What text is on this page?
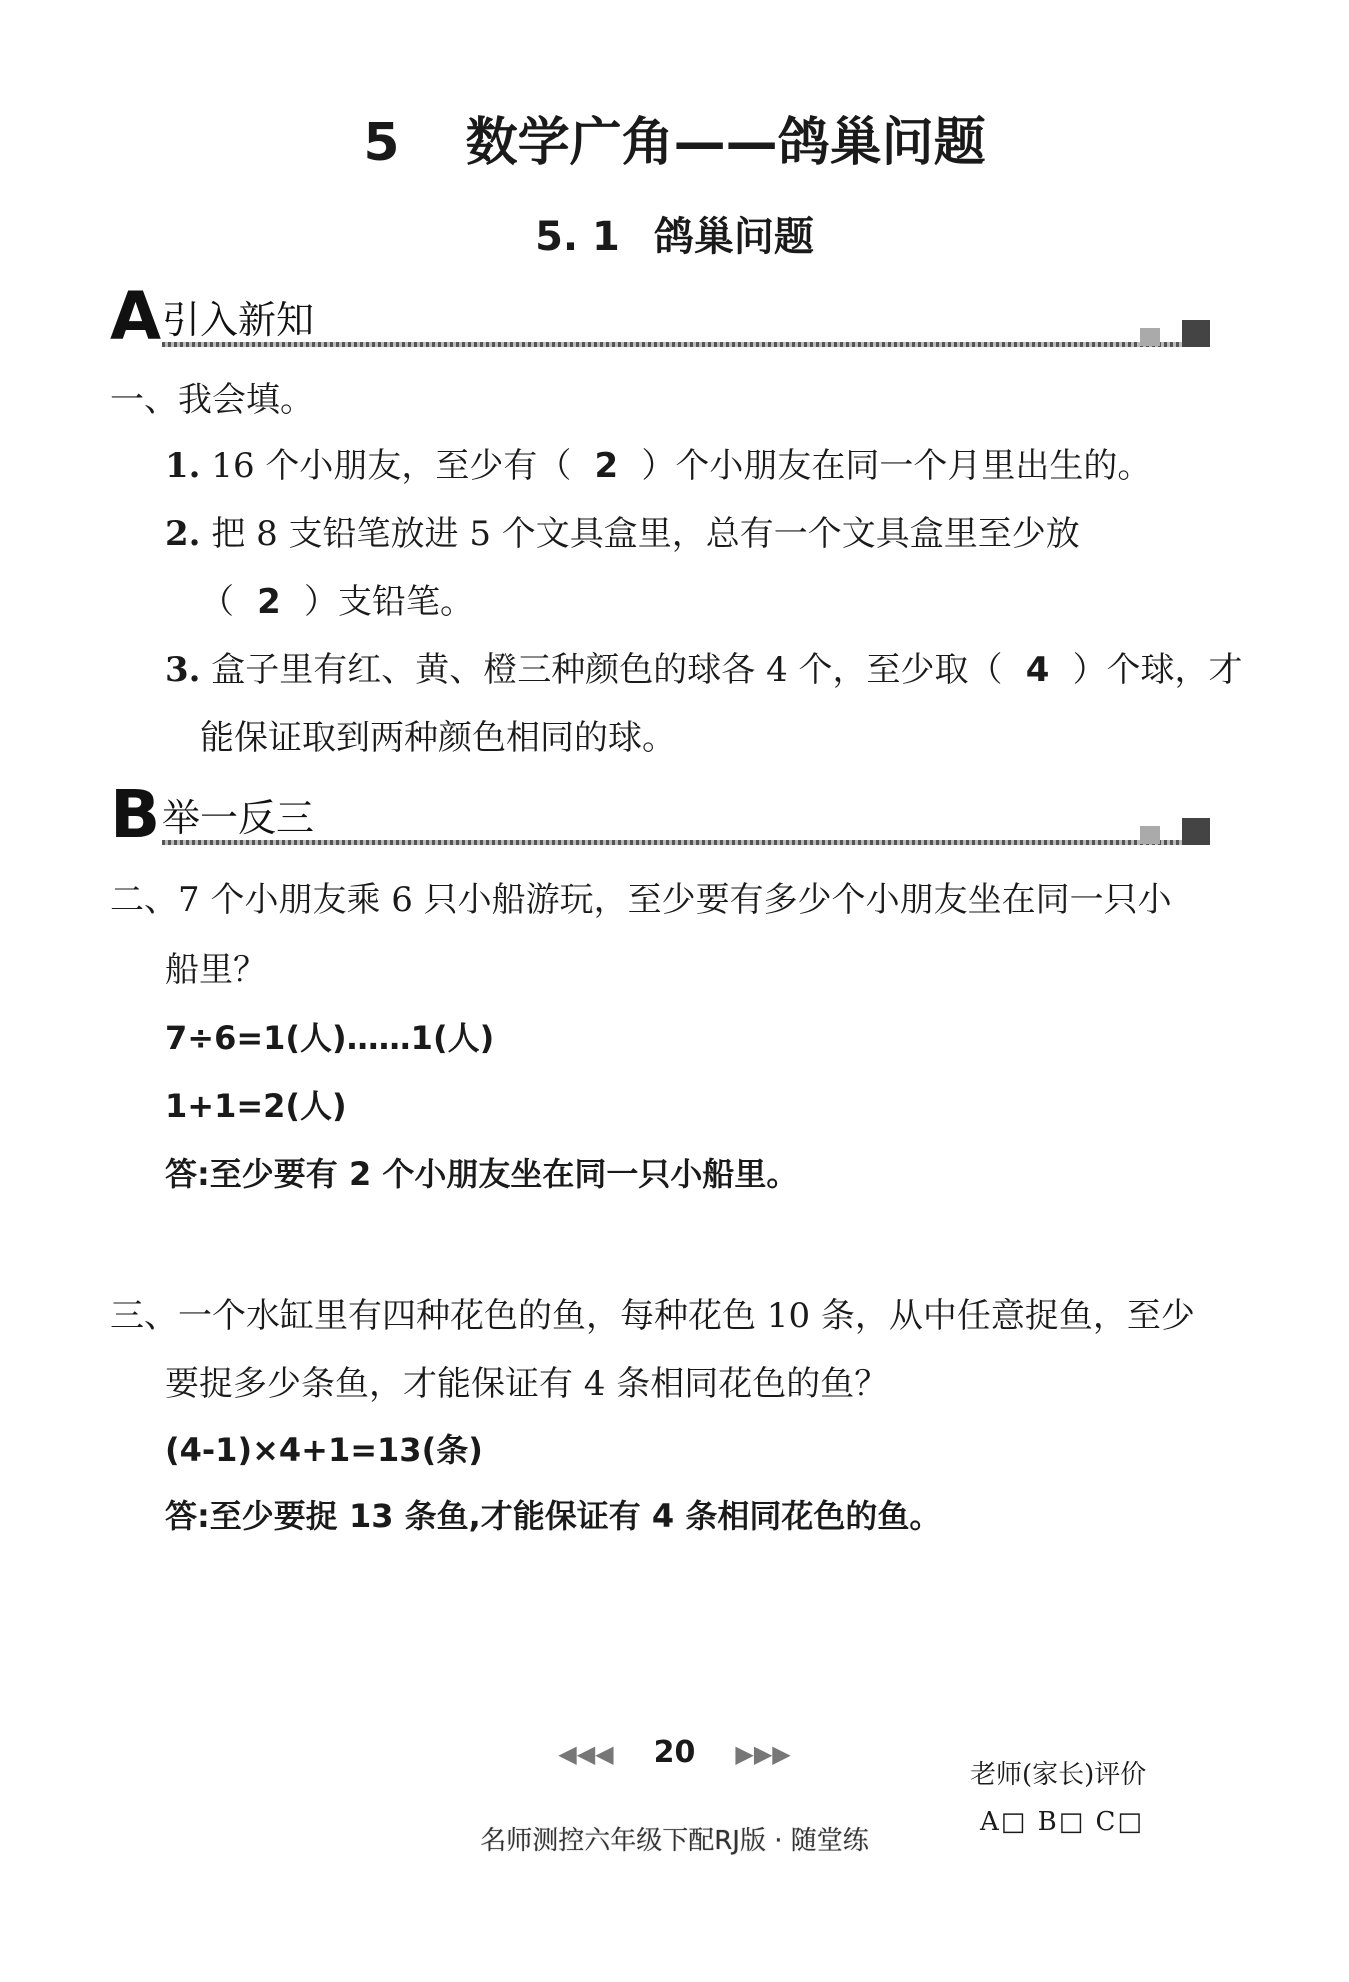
5 数学广角——鸽巢问题
5. 1 鸽巢问题
A 引入新知
一、我会填。
1. 16 个小朋友，至少有（ 2 ）个小朋友在同一个月里出生的。
2. 把 8 支铅笔放进 5 个文具盒里，总有一个文具盒里至少放
（ 2 ）支铅笔。
3. 盒子里有红、黄、橙三种颜色的球各 4 个，至少取（ 4 ）个球，才
能保证取到两种颜色相同的球。
B 举一反三
二、7 个小朋友乘 6 只小船游玩，至少要有多少个小朋友坐在同一只小
船里？
7÷6=1(人)……1(人)
1+1=2(人)
答:至少要有 2 个小朋友坐在同一只小船里。
三、一个水缸里有四种花色的鱼，每种花色 10 条，从中任意捉鱼，至少
要捉多少条鱼，才能保证有 4 条相同花色的鱼？
(4-1)×4+1=13(条)
答:至少要捉 13 条鱼,才能保证有 4 条相同花色的鱼。
◀◀◀ 20 ▶▶▶
老师(家长)评价
A□ B□ C□
名师测控六年级下配RJ版 · 随堂练
